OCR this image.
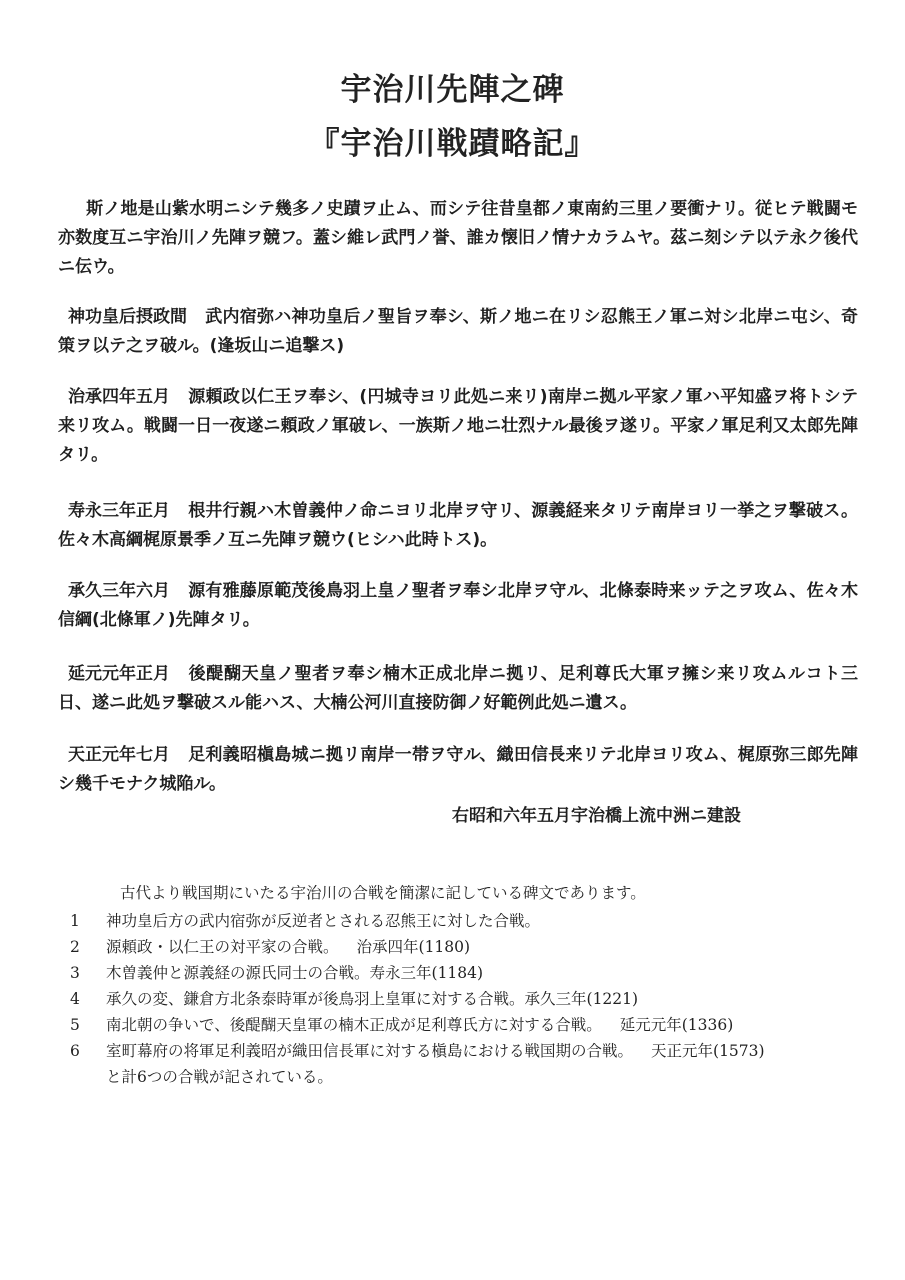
宇治川先陣之碑
『宇治川戦蹟略記』
斯ノ地是山紫水明ニシテ幾多ノ史蹟ヲ止ム、而シテ往昔皇都ノ東南約三里ノ要衝ナリ。従ヒテ戦闘モ亦数度互ニ宇治川ノ先陣ヲ競フ。蓋シ維レ武門ノ誉、誰カ懐旧ノ情ナカラムヤ。茲ニ刻シテ以テ永ク後代ニ伝ウ。
神功皇后摂政間 武内宿弥ハ神功皇后ノ聖旨ヲ奉シ、斯ノ地ニ在リシ忍熊王ノ軍ニ対シ北岸ニ屯シ、奇策ヲ以テ之ヲ破ル。(逢坂山ニ追撃ス)
治承四年五月 源頼政以仁王ヲ奉シ、(円城寺ヨリ此処ニ来リ)南岸ニ拠ル平家ノ軍ハ平知盛ヲ将トシテ来リ攻ム。戦闘一日一夜遂ニ頼政ノ軍破レ、一族斯ノ地ニ壮烈ナル最後ヲ遂リ。平家ノ軍足利又太郎先陣タリ。
寿永三年正月 根井行親ハ木曽義仲ノ命ニヨリ北岸ヲ守リ、源義経来タリテ南岸ヨリ一挙之ヲ撃破ス。佐々木高綱梶原景季ノ互ニ先陣ヲ競ウ(ヒシハ此時トス)。
承久三年六月 源有雅藤原範茂後鳥羽上皇ノ聖者ヲ奉シ北岸ヲ守ル、北條泰時来ッテ之ヲ攻ム、佐々木信綱(北條軍ノ)先陣タリ。
延元元年正月 後醍醐天皇ノ聖者ヲ奉シ楠木正成北岸ニ拠リ、足利尊氏大軍ヲ擁シ来リ攻ムルコト三日、遂ニ此処ヲ撃破スル能ハス、大楠公河川直接防御ノ好範例此処ニ遺ス。
天正元年七月 足利義昭槇島城ニ拠リ南岸一帯ヲ守ル、織田信長来リテ北岸ヨリ攻ム、梶原弥三郎先陣シ幾千モナク城陥ル。
右昭和六年五月宇治橋上流中洲ニ建設
古代より戦国期にいたる宇治川の合戦を簡潔に記している碑文であります。
1	神功皇后方の武内宿弥が反逆者とされる忍熊王に対した合戦。
2	源頼政・以仁王の対平家の合戦。 治承四年(1180)
3	木曽義仲と源義経の源氏同士の合戦。寿永三年(1184)
4	承久の変、鎌倉方北条泰時軍が後鳥羽上皇軍に対する合戦。承久三年(1221)
5	南北朝の争いで、後醍醐天皇軍の楠木正成が足利尊氏方に対する合戦。 延元元年(1336)
6	室町幕府の将軍足利義昭が織田信長軍に対する槇島における戦国期の合戦。 天正元年(1573)
と計6つの合戦が記されている。
